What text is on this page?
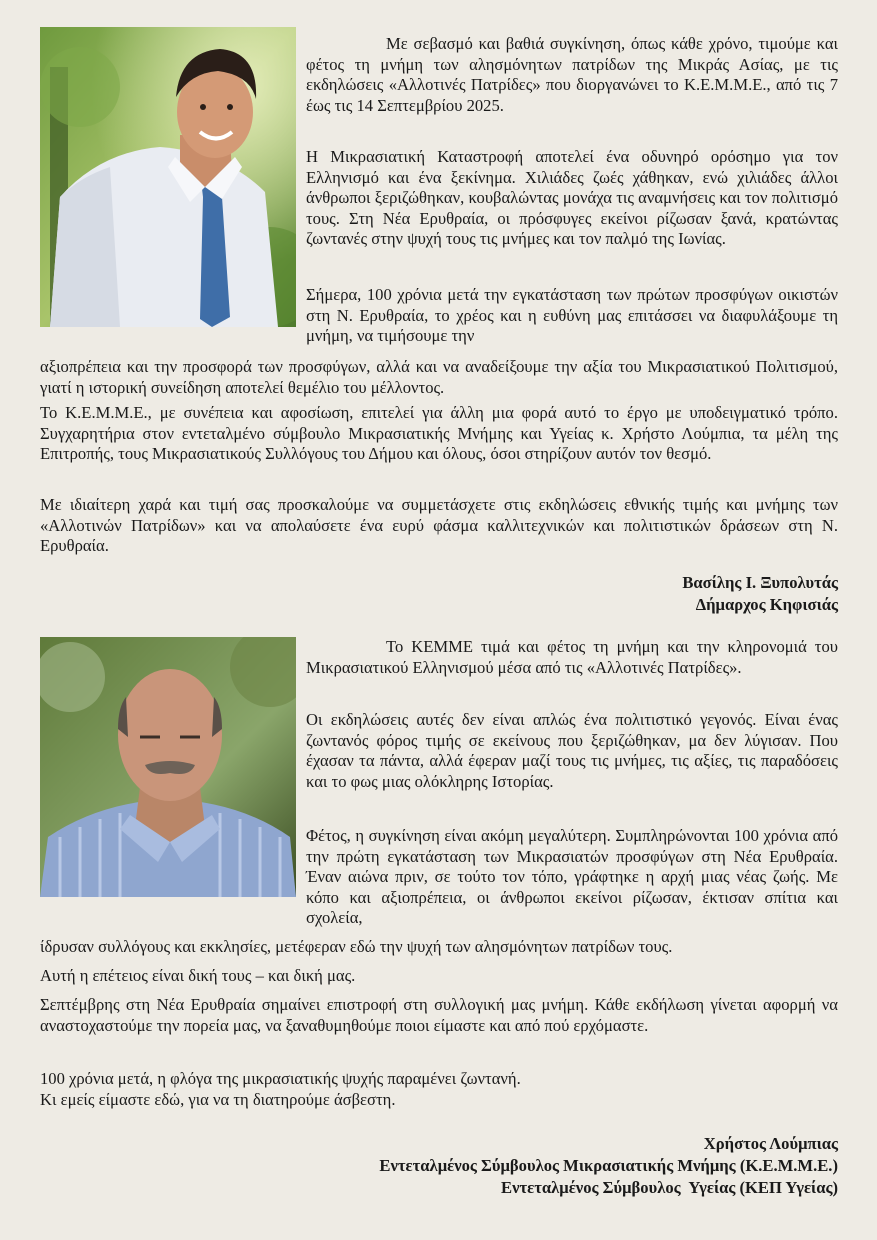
Με σεβασμό και βαθιά συγκίνηση, όπως κάθε χρόνο, τιμούμε και φέτος τη μνήμη των αλησμόνητων πατρίδων της Μικράς Ασίας, με τις εκδηλώσεις «Αλλοτινές Πατρίδες» που διοργανώνει το Κ.Ε.Μ.Μ.Ε., από τις 7 έως τις 14 Σεπτεμβρίου 2025.

Η Μικρασιατική Καταστροφή αποτελεί ένα οδυνηρό ορόσημο για τον Ελληνισμό και ένα ξεκίνημα. Χιλιάδες ζωές χάθηκαν, ενώ χιλιάδες άλλοι άνθρωποι ξεριζώθηκαν, κουβαλώντας μονάχα τις αναμνήσεις και τον πολιτισμό τους. Στη Νέα Ερυθραία, οι πρόσφυγες εκείνοι ρίζωσαν ξανά, κρατώντας ζωντανές στην ψυχή τους τις μνήμες και τον παλμό της Ιωνίας.

Σήμερα, 100 χρόνια μετά την εγκατάσταση των πρώτων προσφύγων οικιστών στη Ν. Ερυθραία, το χρέος και η ευθύνη μας επιτάσσει να διαφυλάξουμε τη μνήμη, να τιμήσουμε την

αξιοπρέπεια και την προσφορά των προσφύγων, αλλά και να αναδείξουμε την αξία του Μικρασιατικού Πολιτισμού, γιατί η ιστορική συνείδηση αποτελεί θεμέλιο του μέλλοντος.

Το Κ.Ε.Μ.Μ.Ε., με συνέπεια και αφοσίωση, επιτελεί για άλλη μια φορά αυτό το έργο με υποδειγματικό τρόπο. Συγχαρητήρια στον εντεταλμένο σύμβουλο Μικρασιατικής Μνήμης και Υγείας κ. Χρήστο Λούμπια, τα μέλη της Επιτροπής, τους Μικρασιατικούς Συλλόγους του Δήμου και όλους, όσοι στηρίζουν αυτόν τον θεσμό.

Με ιδιαίτερη χαρά και τιμή σας προσκαλούμε να συμμετάσχετε στις εκδηλώσεις εθνικής τιμής και μνήμης των «Αλλοτινών Πατρίδων» και να απολαύσετε ένα ευρύ φάσμα καλλιτεχνικών και πολιτιστικών δράσεων στη Ν. Ερυθραία.

Βασίλης Ι. Ξυπολυτάς
Δήμαρχος Κηφισιάς

Το ΚΕΜΜΕ τιμά και φέτος τη μνήμη και την κληρονομιά του Μικρασιατικού Ελληνισμού μέσα από τις «Αλλοτινές Πατρίδες».

Οι εκδηλώσεις αυτές δεν είναι απλώς ένα πολιτιστικό γεγονός. Είναι ένας ζωντανός φόρος τιμής σε εκείνους που ξεριζώθηκαν, μα δεν λύγισαν. Που έχασαν τα πάντα, αλλά έφεραν μαζί τους τις μνήμες, τις αξίες, τις παραδόσεις και το φως μιας ολόκληρης Ιστορίας.

Φέτος, η συγκίνηση είναι ακόμη μεγαλύτερη. Συμπληρώνονται 100 χρόνια από την πρώτη εγκατάσταση των Μικρασιατών προσφύγων στη Νέα Ερυθραία. Έναν αιώνα πριν, σε τούτο τον τόπο, γράφτηκε η αρχή μιας νέας ζωής. Με κόπο και αξιοπρέπεια, οι άνθρωποι εκείνοι ρίζωσαν, έκτισαν σπίτια και σχολεία,

ίδρυσαν συλλόγους και εκκλησίες, μετέφεραν εδώ την ψυχή των αλησμόνητων πατρίδων τους.

Αυτή η επέτειος είναι δική τους – και δική μας.

Σεπτέμβρης στη Νέα Ερυθραία σημαίνει επιστροφή στη συλλογική μας μνήμη. Κάθε εκδήλωση γίνεται αφορμή να αναστοχαστούμε την πορεία μας, να ξαναθυμηθούμε ποιοι είμαστε και από πού ερχόμαστε.

100 χρόνια μετά, η φλόγα της μικρασιατικής ψυχής παραμένει ζωντανή.

Κι εμείς είμαστε εδώ, για να τη διατηρούμε άσβεστη.

Χρήστος Λούμπιας
Εντεταλμένος Σύμβουλος Μικρασιατικής Μνήμης (Κ.Ε.Μ.Μ.Ε.)
Εντεταλμένος Σύμβουλος  Υγείας (ΚΕΠ Υγείας)
